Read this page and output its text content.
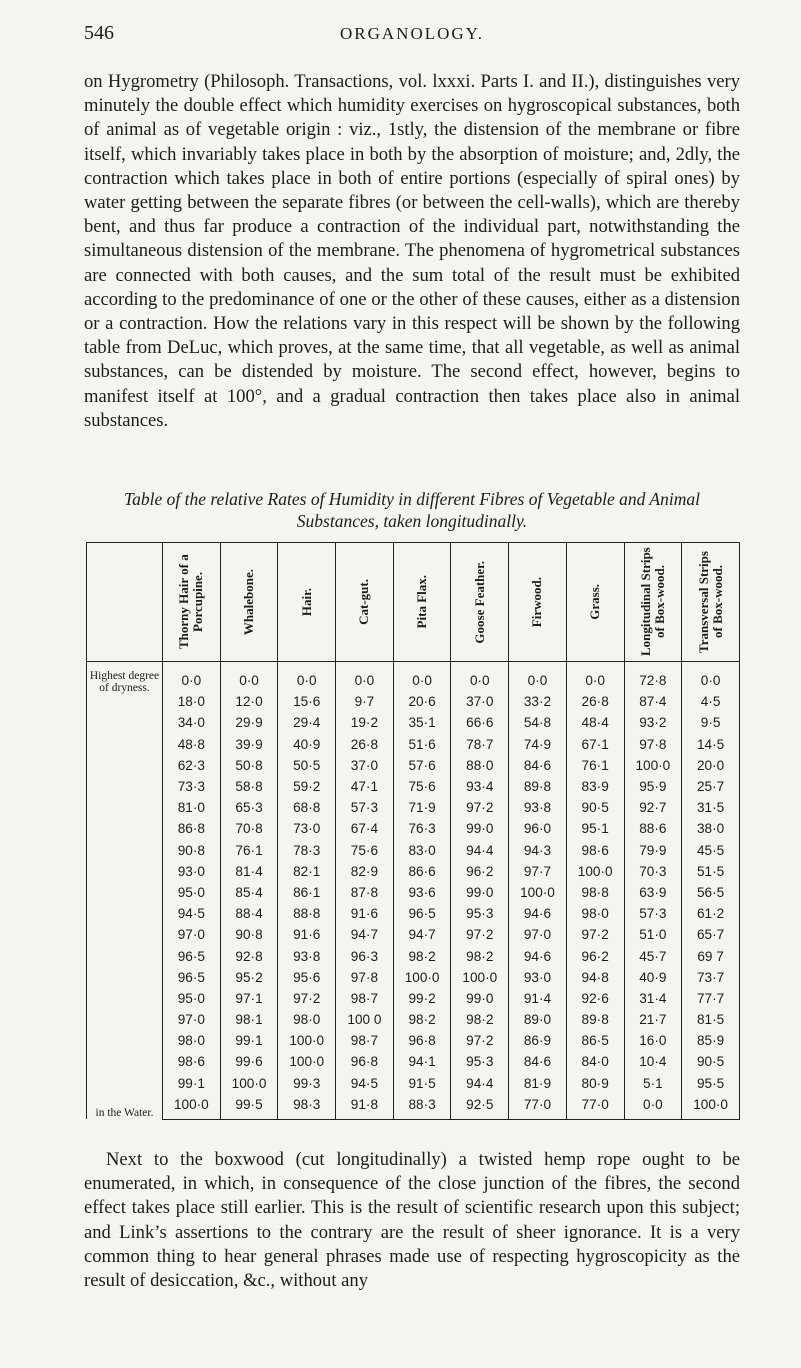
546	ORGANOLOGY.

on Hygrometry (Philosoph. Transactions, vol. lxxxi. Parts I. and II.), distinguishes very minutely the double effect which humidity exercises on hygroscopical substances, both of animal as of vegetable origin : viz., 1stly, the distension of the membrane or fibre itself, which invariably takes place in both by the absorption of moisture; and, 2dly, the contraction which takes place in both of entire portions (especially of spiral ones) by water getting between the separate fibres (or between the cell-walls), which are thereby bent, and thus far produce a contraction of the individual part, notwithstanding the simultaneous distension of the membrane. The phenomena of hygrometrical substances are connected with both causes, and the sum total of the result must be exhibited according to the predominance of one or the other of these causes, either as a distension or a contraction. How the relations vary in this respect will be shown by the following table from DeLuc, which proves, at the same time, that all vegetable, as well as animal substances, can be distended by moisture. The second effect, however, begins to manifest itself at 100°, and a gradual contraction then takes place also in animal substances.

Table of the relative Rates of Humidity in different Fibres of Vegetable and Animal Substances, taken longitudinally.

	Thorny Hair of a Porcupine.	Whalebone.	Hair.	Cat-gut.	Pita Flax.	Goose Feather.	Firwood.	Grass.	Longitudinal Strips of Box-wood.	Transversal Strips of Box-wood.

Highest degree of dryness.	0·0	0·0	0·0	0·0	0·0	0·0	0·0	0·0	72·8	0·0
	18·0	12·0	15·6	9·7	20·6	37·0	33·2	26·8	87·4	4·5
	34·0	29·9	29·4	19·2	35·1	66·6	54·8	48·4	93·2	9·5
	48·8	39·9	40·9	26·8	51·6	78·7	74·9	67·1	97·8	14·5
	62·3	50·8	50·5	37·0	57·6	88·0	84·6	76·1	100·0	20·0
	73·3	58·8	59·2	47·1	75·6	93·4	89·8	83·9	95·9	25·7
	81·0	65·3	68·8	57·3	71·9	97·2	93·8	90·5	92·7	31·5
	86·8	70·8	73·0	67·4	76·3	99·0	96·0	95·1	88·6	38·0
	90·8	76·1	78·3	75·6	83·0	94·4	94·3	98·6	79·9	45·5
	93·0	81·4	82·1	82·9	86·6	96·2	97·7	100·0	70·3	51·5
	95·0	85·4	86·1	87·8	93·6	99·0	100·0	98·8	63·9	56·5
	94·5	88·4	88·8	91·6	96·5	95·3	94·6	98·0	57·3	61·2
	97·0	90·8	91·6	94·7	94·7	97·2	97·0	97·2	51·0	65·7
	96·5	92·8	93·8	96·3	98·2	98·2	94·6	96·2	45·7	69 7
	96·5	95·2	95·6	97·8	100·0	100·0	93·0	94·8	40·9	73·7
	95·0	97·1	97·2	98·7	99·2	99·0	91·4	92·6	31·4	77·7
	97·0	98·1	98·0	100 0	98·2	98·2	89·0	89·8	21·7	81·5
	98·0	99·1	100·0	98·7	96·8	97·2	86·9	86·5	16·0	85·9
	98·6	99·6	100·0	96·8	94·1	95·3	84·6	84·0	10·4	90·5
in the Water.	99·1	100·0	99·3	94·5	91·5	94·4	81·9	80·9	5·1	95·5
	100·0	99·5	98·3	91·8	88·3	92·5	77·0	77·0	0·0	100·0

Next to the boxwood (cut longitudinally) a twisted hemp rope ought to be enumerated, in which, in consequence of the close junction of the fibres, the second effect takes place still earlier. This is the result of scientific research upon this subject; and Link’s assertions to the contrary are the result of sheer ignorance. It is a very common thing to hear general phrases made use of respecting hygroscopicity as the result of desiccation, &c., without any
